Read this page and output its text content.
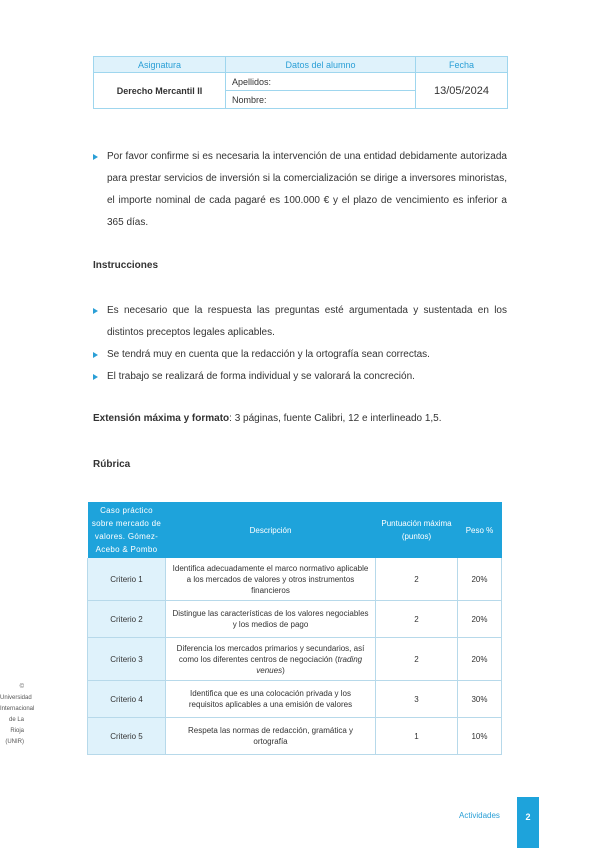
Asignatura	Datos del alumno	Fecha
Derecho Mercantil II	Apellidos:	13/05/2024
	Nombre:	
Por favor confirme si es necesaria la intervención de una entidad debidamente autorizada para prestar servicios de inversión si la comercialización se dirige a inversores minoristas, el importe nominal de cada pagaré es 100.000 € y el plazo de vencimiento es inferior a 365 días.
Instrucciones
Es necesario que la respuesta las preguntas esté argumentada y sustentada en los distintos preceptos legales aplicables.
Se tendrá muy en cuenta que la redacción y la ortografía sean correctas.
El trabajo se realizará de forma individual y se valorará la concreción.
Extensión máxima y formato: 3 páginas, fuente Calibri, 12 e interlineado 1,5.
Rúbrica
Caso práctico sobre mercado de valores. Gómez-Acebo & Pombo	Descripción	Puntuación máxima (puntos)	Peso %
Criterio 1	Identifica adecuadamente el marco normativo aplicable a los mercados de valores y otros instrumentos financieros	2	20%
Criterio 2	Distingue las características de los valores negociables y los medios de pago	2	20%
Criterio 3	Diferencia los mercados primarios y secundarios, así como los diferentes centros de negociación (trading venues)	2	20%
Criterio 4	Identifica que es una colocación privada y los requisitos aplicables a una emisión de valores	3	30%
Criterio 5	Respeta las normas de redacción, gramática y ortografía	1	10%
© Universidad Internacional de La Rioja (UNIR)
Actividades	2
